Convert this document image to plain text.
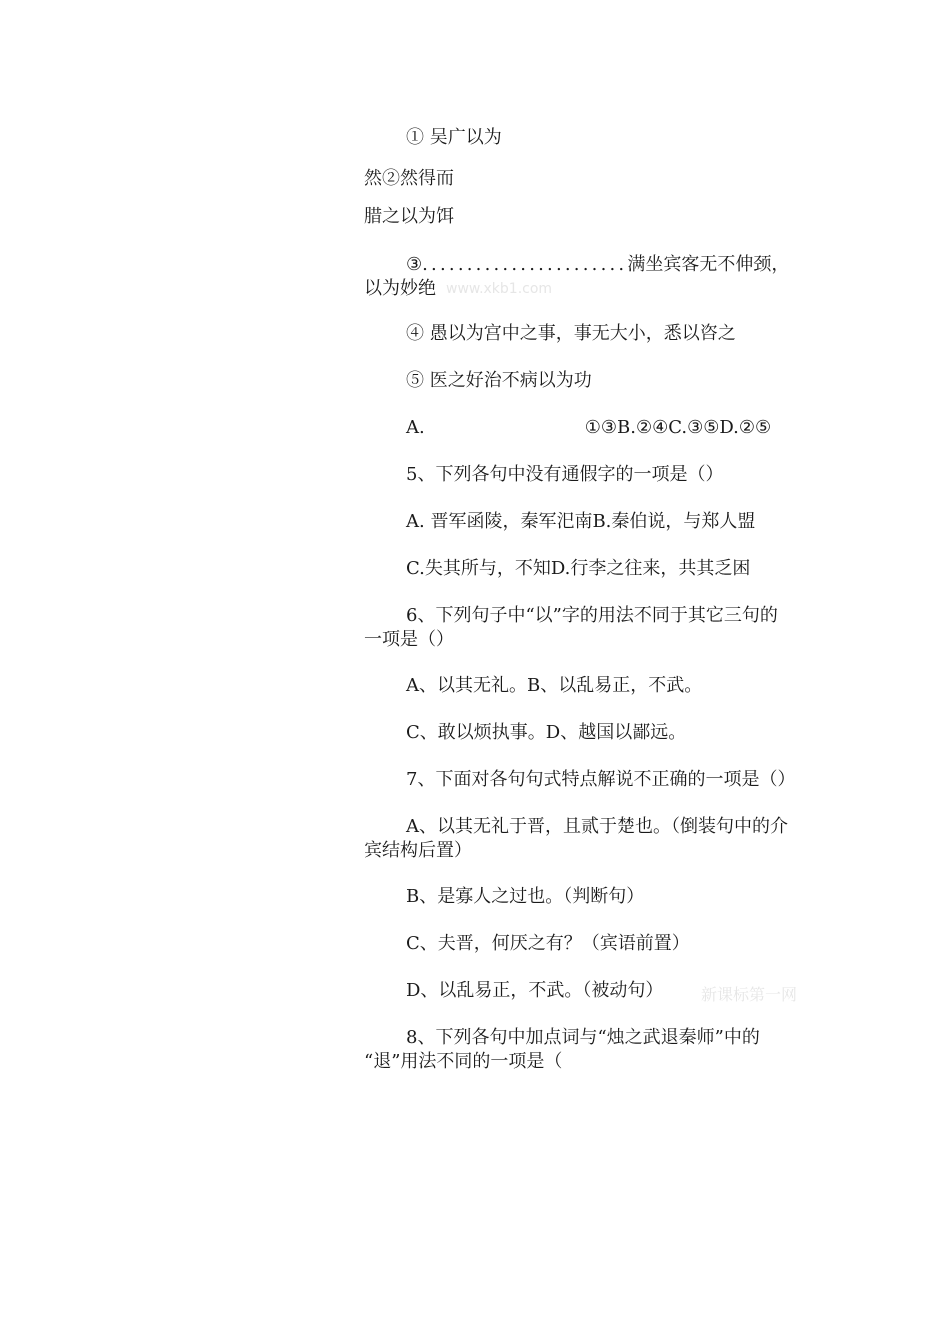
① 吴广以为
然②然得而
腊之以为饵
③.......................满坐宾客无不伸颈，
以为妙绝 www.xkb1.com
④ 愚以为宫中之事，事无大小，悉以咨之
⑤ 医之好治不病以为功
A.	①③B.②④C.③⑤D.②⑤
5、下列各句中没有通假字的一项是（）
A. 晋军函陵，秦军汜南B.秦伯说，与郑人盟
C.失其所与，不知D.行李之往来，共其乏困
6、下列句子中“以”字的用法不同于其它三句的
一项是（）
A、以其无礼。B、以乱易正，不武。
C、敢以烦执事。D、越国以鄙远。
7、下面对各句句式特点解说不正确的一项是（）
A、以其无礼于晋，且贰于楚也。（倒装句中的介
宾结构后置）
B、是寡人之过也。（判断句）
C、夫晋，何厌之有？（宾语前置）
D、以乱易正，不武。（被动句） 新课标第一网
8、下列各句中加点词与“烛之武退秦师”中的
“退”用法不同的一项是（
